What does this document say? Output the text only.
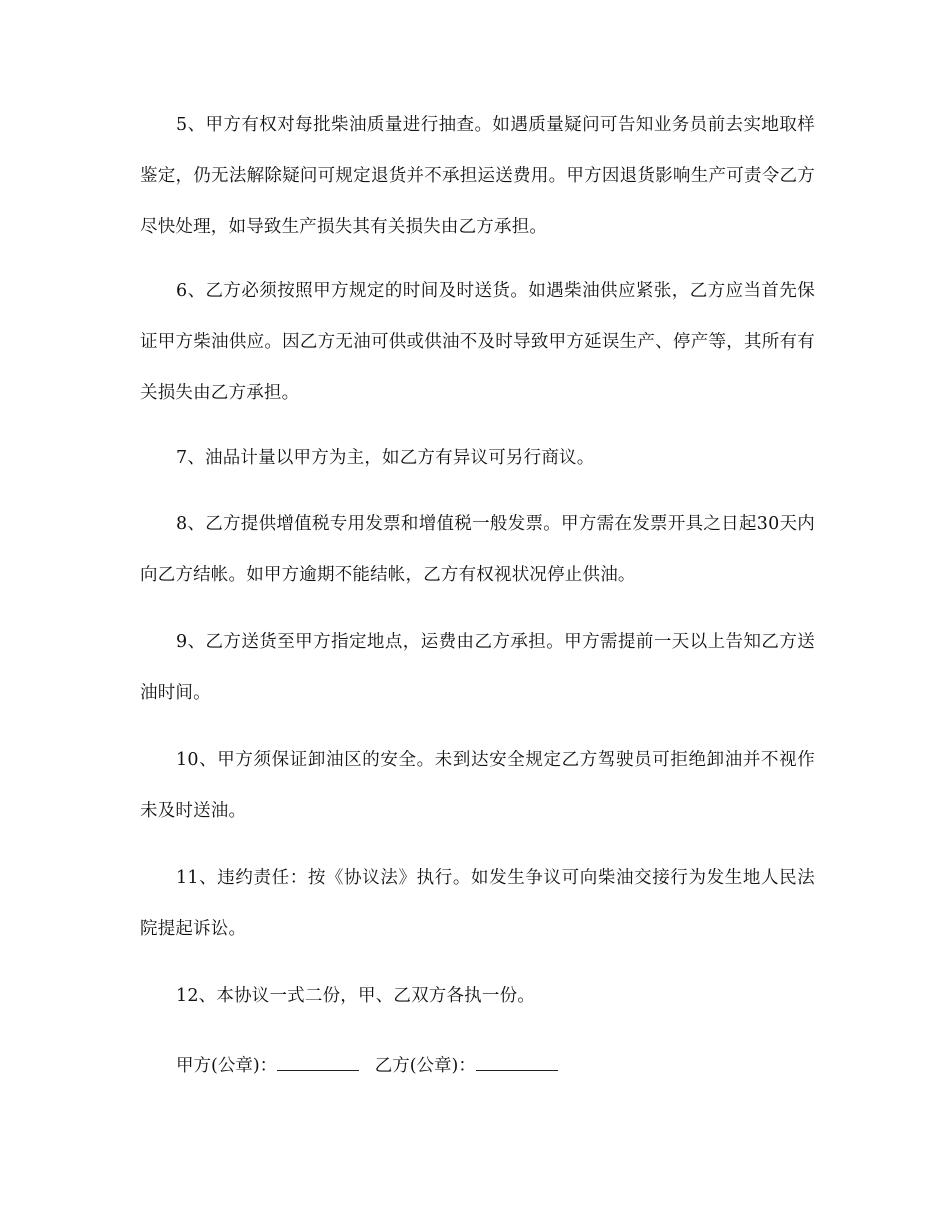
5、甲方有权对每批柴油质量进行抽查。如遇质量疑问可告知业务员前去实地取样鉴定，仍无法解除疑问可规定退货并不承担运送费用。甲方因退货影响生产可责令乙方尽快处理，如导致生产损失其有关损失由乙方承担。

6、乙方必须按照甲方规定的时间及时送货。如遇柴油供应紧张，乙方应当首先保证甲方柴油供应。因乙方无油可供或供油不及时导致甲方延误生产、停产等，其所有有关损失由乙方承担。

7、油品计量以甲方为主，如乙方有异议可另行商议。

8、乙方提供增值税专用发票和增值税一般发票。甲方需在发票开具之日起30天内向乙方结帐。如甲方逾期不能结帐，乙方有权视状况停止供油。

9、乙方送货至甲方指定地点，运费由乙方承担。甲方需提前一天以上告知乙方送油时间。

10、甲方须保证卸油区的安全。未到达安全规定乙方驾驶员可拒绝卸油并不视作未及时送油。

11、违约责任：按《协议法》执行。如发生争议可向柴油交接行为发生地人民法院提起诉讼。

12、本协议一式二份，甲、乙双方各执一份。

甲方(公章)：	乙方(公章)：
